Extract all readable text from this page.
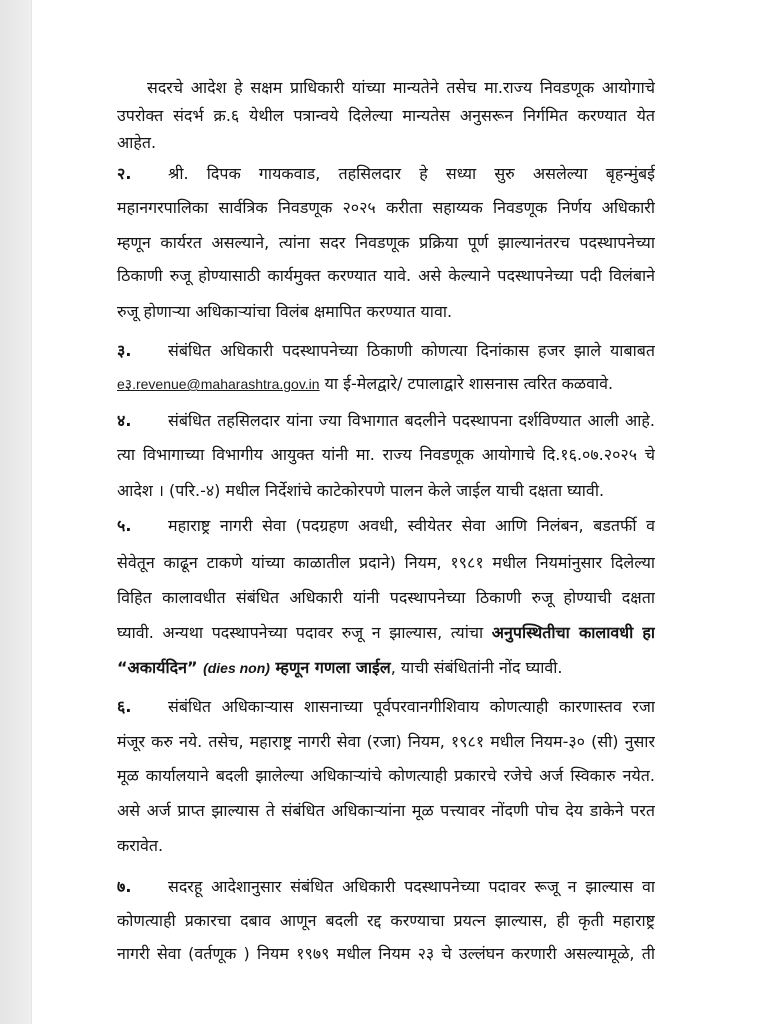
सदरचे आदेश हे सक्षम प्राधिकारी यांच्या मान्यतेने तसेच मा.राज्य निवडणूक आयोगाचे
उपरोक्त संदर्भ क्र.६ येथील पत्रान्वये दिलेल्या मान्यतेस अनुसरून निर्गमित करण्यात येत
आहेत.
२.	श्री. दिपक गायकवाड, तहसिलदार हे सध्या सुरु असलेल्या बृहन्मुंबई
महानगरपालिका सार्वत्रिक निवडणूक २०२५ करीता सहाय्यक निवडणूक निर्णय अधिकारी
म्हणून कार्यरत असल्याने, त्यांना सदर निवडणूक प्रक्रिया पूर्ण झाल्यानंतरच पदस्थापनेच्या
ठिकाणी रुजू होण्यासाठी कार्यमुक्त करण्यात यावे. असे केल्याने पदस्थापनेच्या पदी विलंबाने
रुजू होणाऱ्या अधिकाऱ्यांचा विलंब क्षमापित करण्यात यावा.
३.	संबंधित अधिकारी पदस्थापनेच्या ठिकाणी कोणत्या दिनांकास हजर झाले याबाबत
e३.revenue@maharashtra.gov.in या ई-मेलद्वारे/ टपालाद्वारे शासनास त्वरित कळवावे.
४.	संबंधित तहसिलदार यांना ज्या विभागात बदलीने पदस्थापना दर्शविण्यात आली आहे.
त्या विभागाच्या विभागीय आयुक्त यांनी मा. राज्य निवडणूक आयोगाचे दि.१६.०७.२०२५ चे
आदेश । (परि.-४) मधील निर्देशांचे काटेकोरपणे पालन केले जाईल याची दक्षता घ्यावी.
५.	महाराष्ट्र नागरी सेवा (पदग्रहण अवधी, स्वीयेतर सेवा आणि निलंबन, बडतर्फी व
सेवेतून काढून टाकणे यांच्या काळातील प्रदाने) नियम, १९८१ मधील नियमांनुसार दिलेल्या
विहित कालावधीत संबंधित अधिकारी यांनी पदस्थापनेच्या ठिकाणी रुजू होण्याची दक्षता
घ्यावी. अन्यथा पदस्थापनेच्या पदावर रुजू न झाल्यास, त्यांचा अनुपस्थितीचा कालावधी हा
“अकार्यदिन” (dies non) म्हणून गणला जाईल, याची संबंधितांनी नोंद घ्यावी.
६.	संबंधित अधिकाऱ्यास शासनाच्या पूर्वपरवानगीशिवाय कोणत्याही कारणास्तव रजा
मंजूर करु नये. तसेच, महाराष्ट्र नागरी सेवा (रजा) नियम, १९८१ मधील नियम-३० (सी) नुसार
मूळ कार्यालयाने बदली झालेल्या अधिकाऱ्यांचे कोणत्याही प्रकारचे रजेचे अर्ज स्विकारु नयेत.
असे अर्ज प्राप्त झाल्यास ते संबंधित अधिकाऱ्यांना मूळ पत्त्यावर नोंदणी पोच देय डाकेने परत
करावेत.
७.	सदरहू आदेशानुसार संबंधित अधिकारी पदस्थापनेच्या पदावर रूजू न झाल्यास वा
कोणत्याही प्रकारचा दबाव आणून बदली रद्द करण्याचा प्रयत्न झाल्यास, ही कृती महाराष्ट्र
नागरी सेवा (वर्तणूक ) नियम १९७९ मधील नियम २३ चे उल्लंघन करणारी असल्यामूळे, ती
